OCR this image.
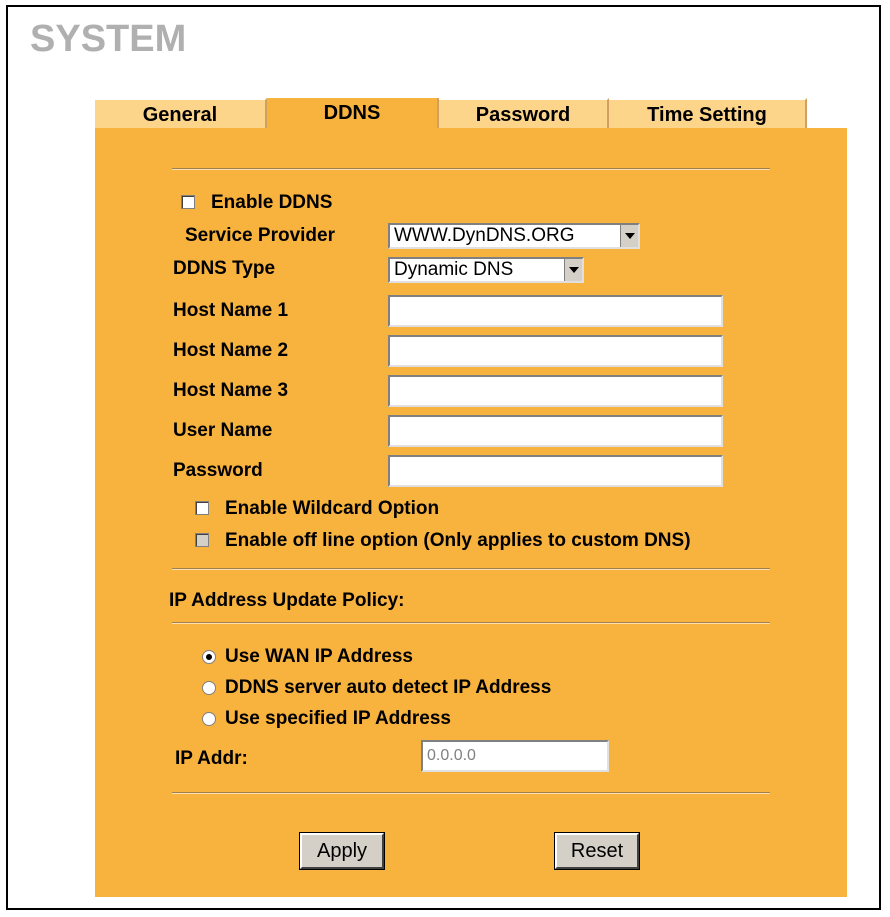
SYSTEM
General	DDNS	Password	Time Setting
Enable DDNS
Service Provider	WWW.DynDNS.ORG
DDNS Type	Dynamic DNS
Host Name 1
Host Name 2
Host Name 3
User Name
Password
Enable Wildcard Option
Enable off line option (Only applies to custom DNS)
IP Address Update Policy:
Use WAN IP Address
DDNS server auto detect IP Address
Use specified IP Address
IP Addr:	0.0.0.0
Apply	Reset
